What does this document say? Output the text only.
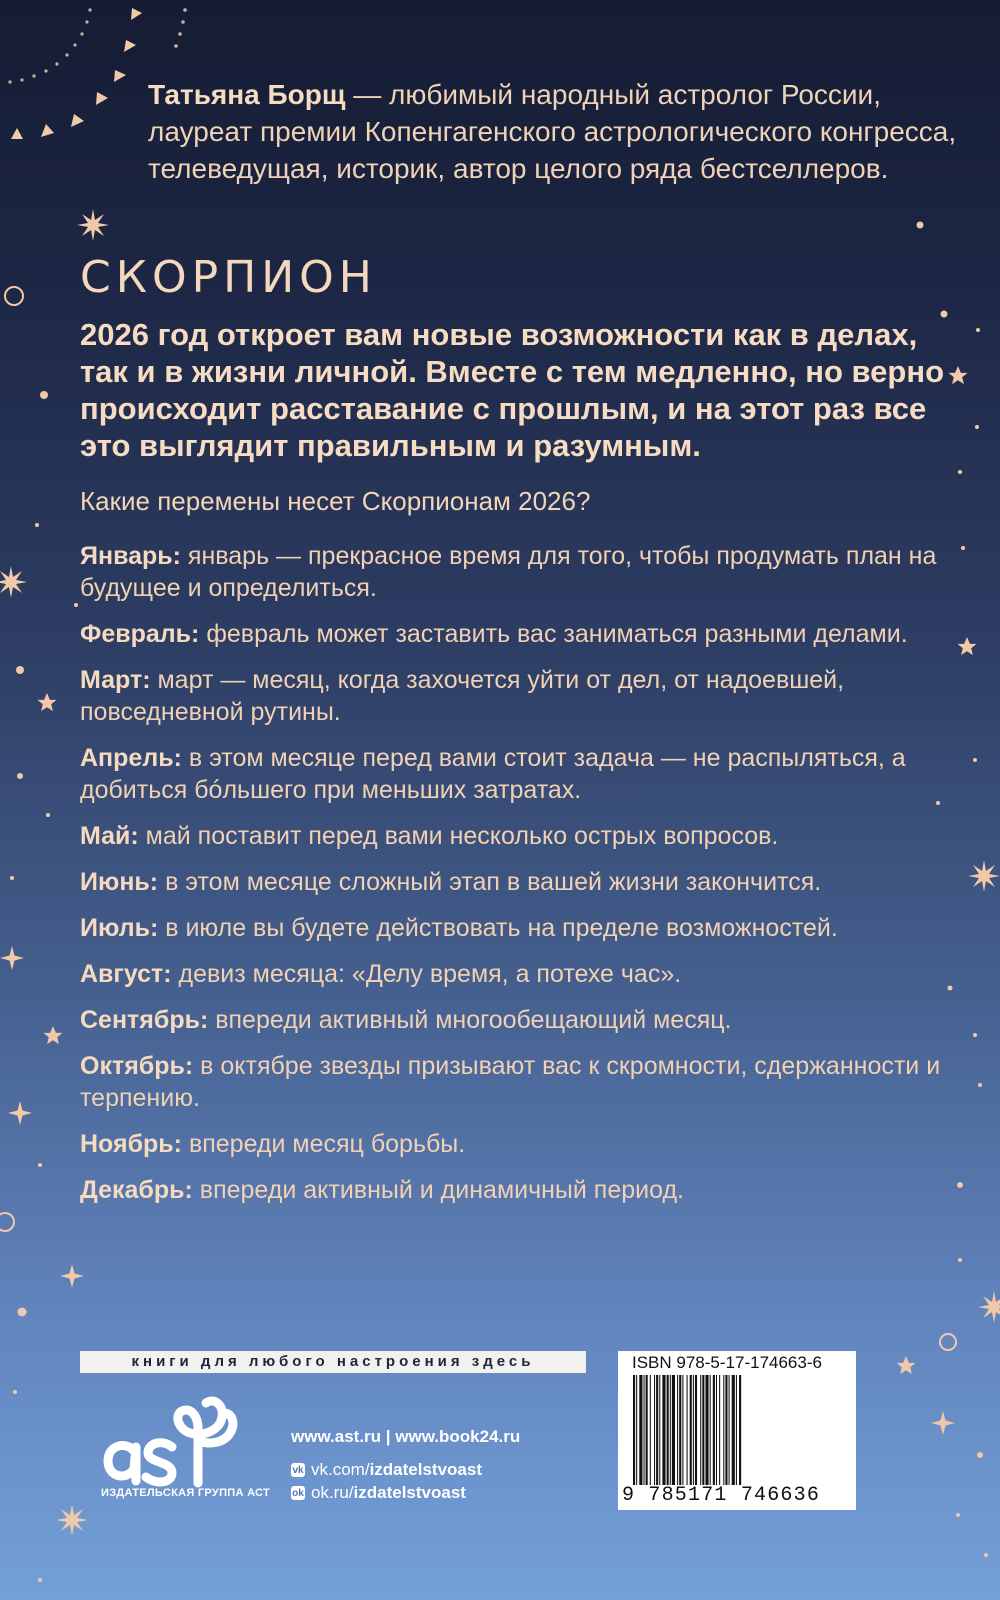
Татьяна Борщ — любимый народный астролог России, лауреат премии Копенгагенского астрологического конгресса, телеведущая, историк, автор целого ряда бестселлеров.
СКОРПИОН
2026 год откроет вам новые возможности как в делах, так и в жизни личной. Вместе с тем медленно, но верно происходит расставание с прошлым, и на этот раз все это выглядит правильным и разумным.
Какие перемены несет Скорпионам 2026?
Январь: январь — прекрасное время для того, чтобы продумать план на будущее и определиться.
Февраль: февраль может заставить вас заниматься разными делами.
Март: март — месяц, когда захочется уйти от дел, от надоевшей, повседневной рутины.
Апрель: в этом месяце перед вами стоит задача — не распыляться, а добиться бóльшего при меньших затратах.
Май: май поставит перед вами несколько острых вопросов.
Июнь: в этом месяце сложный этап в вашей жизни закончится.
Июль: в июле вы будете действовать на пределе возможностей.
Август: девиз месяца: «Делу время, а потехе час».
Сентябрь: впереди активный многообещающий месяц.
Октябрь: в октябре звезды призывают вас к скромности, сдержанности и терпению.
Ноябрь: впереди месяц борьбы.
Декабрь: впереди активный и динамичный период.
книги для любого настроения здесь
ИЗДАТЕЛЬСКАЯ ГРУППА АСТ
www.ast.ru | www.book24.ru
vk vk.com/izdatelstvoast
ok ok.ru/izdatelstvoast
ISBN 978-5-17-174663-6
9 785171 746636
